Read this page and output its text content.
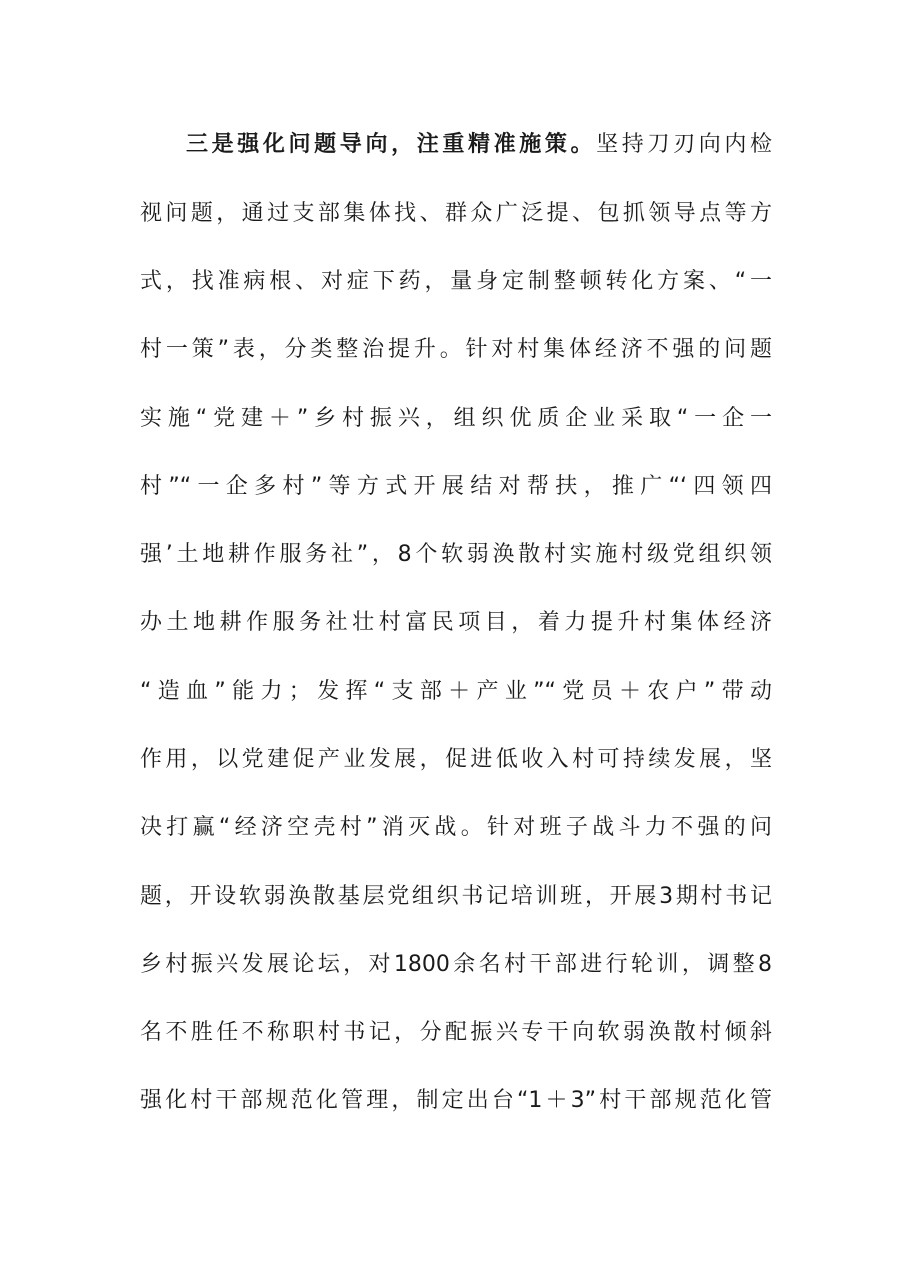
三是强化问题导向，注重精准施策。坚持刀刃向内检
视问题，通过支部集体找、群众广泛提、包抓领导点等方
式，找准病根、对症下药，量身定制整顿转化方案、“一
村一策”表，分类整治提升。针对村集体经济不强的问题
实施“党建＋”乡村振兴，组织优质企业采取“一企一
村”“一企多村”等方式开展结对帮扶，推广“‘四领四
强’土地耕作服务社”，8个软弱涣散村实施村级党组织领
办土地耕作服务社壮村富民项目，着力提升村集体经济
“造血”能力；发挥“支部＋产业”“党员＋农户”带动
作用，以党建促产业发展，促进低收入村可持续发展，坚
决打赢“经济空壳村”消灭战。针对班子战斗力不强的问
题，开设软弱涣散基层党组织书记培训班，开展3期村书记
乡村振兴发展论坛，对1800余名村干部进行轮训，调整8
名不胜任不称职村书记，分配振兴专干向软弱涣散村倾斜
强化村干部规范化管理，制定出台“1＋3”村干部规范化管
